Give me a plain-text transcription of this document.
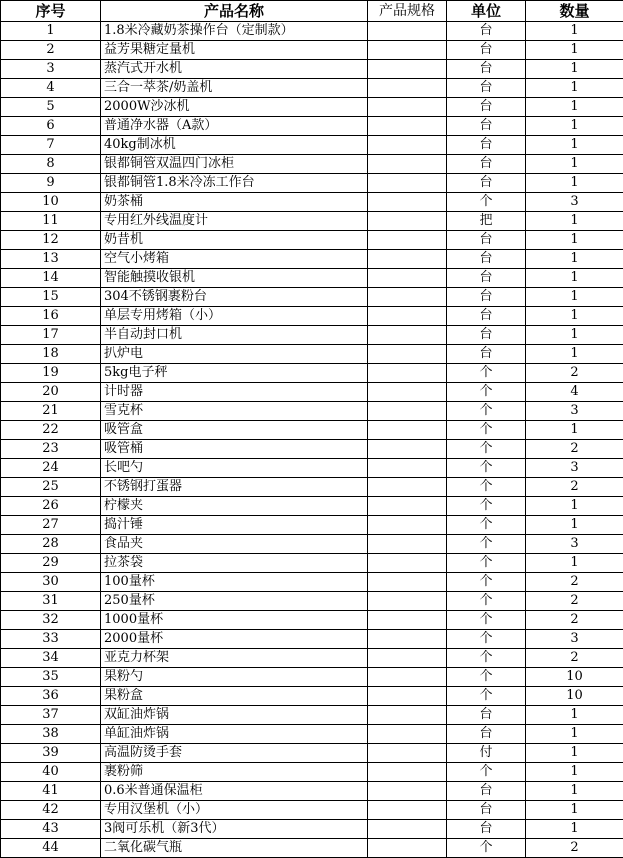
序号	产品名称	产品规格	单位	数量
1	1.8米冷藏奶茶操作台（定制款）		台	1
2	益芳果糖定量机		台	1
3	蒸汽式开水机		台	1
4	三合一萃茶/奶盖机		台	1
5	2000W沙冰机		台	1
6	普通净水器（A款）		台	1
7	40kg制冰机		台	1
8	银都铜管双温四门冰柜		台	1
9	银都铜管1.8米冷冻工作台		台	1
10	奶茶桶		个	3
11	专用红外线温度计		把	1
12	奶昔机		台	1
13	空气小烤箱		台	1
14	智能触摸收银机		台	1
15	304不锈钢裹粉台		台	1
16	单层专用烤箱（小）		台	1
17	半自动封口机		台	1
18	扒炉电		台	1
19	5kg电子秤		个	2
20	计时器		个	4
21	雪克杯		个	3
22	吸管盒		个	1
23	吸管桶		个	2
24	长吧勺		个	3
25	不锈钢打蛋器		个	2
26	柠檬夹		个	1
27	捣汁锤		个	1
28	食品夹		个	3
29	拉茶袋		个	1
30	100量杯		个	2
31	250量杯		个	2
32	1000量杯		个	2
33	2000量杯		个	3
34	亚克力杯架		个	2
35	果粉勺		个	10
36	果粉盒		个	10
37	双缸油炸锅		台	1
38	单缸油炸锅		台	1
39	高温防烫手套		付	1
40	裹粉筛		个	1
41	0.6米普通保温柜		台	1
42	专用汉堡机（小）		台	1
43	3阀可乐机（新3代）		台	1
44	二氧化碳气瓶		个	2
